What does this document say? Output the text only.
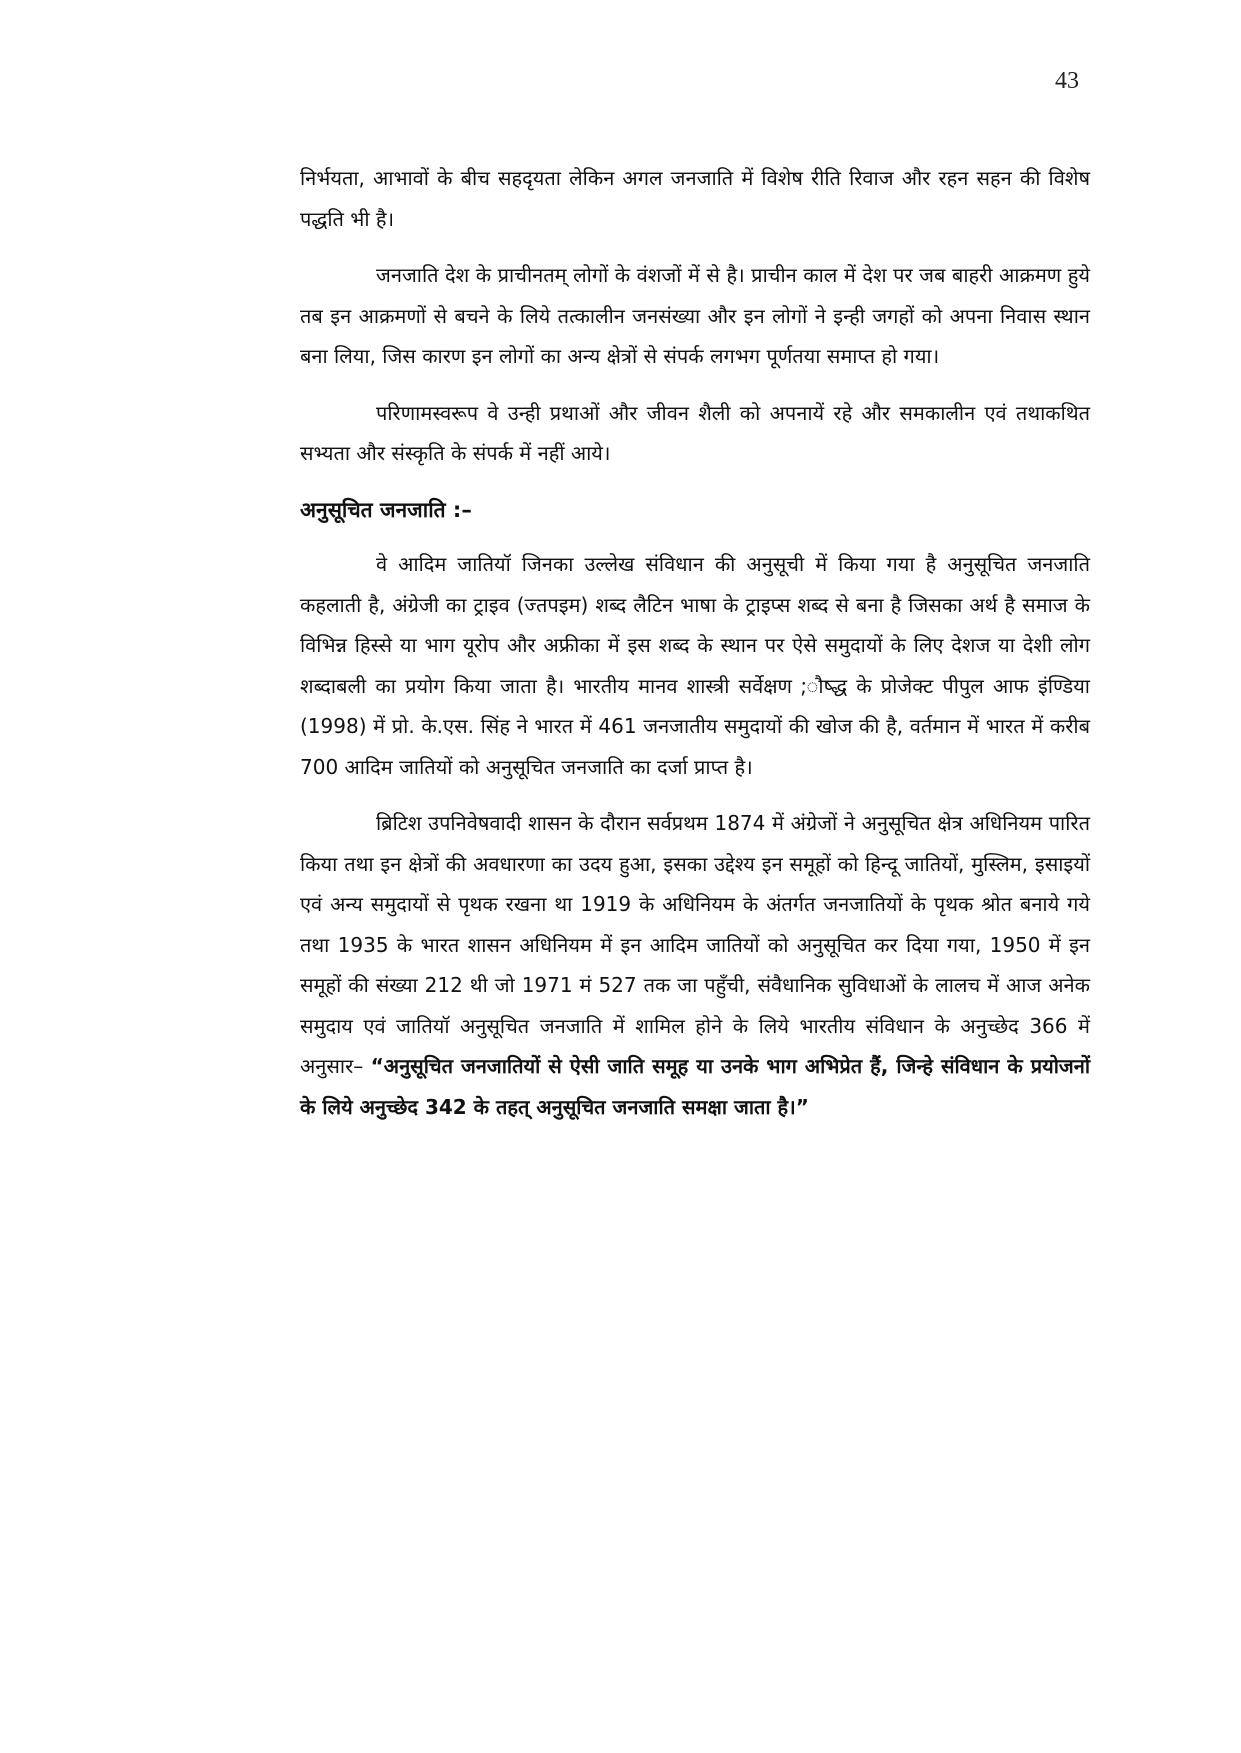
43

निर्भयता, आभावों के बीच सहदृयता लेकिन अगल जनजाति में विशेष रीति रिवाज और रहन सहन की विशेष पद्धति भी है।

जनजाति देश के प्राचीनतम् लोगों के वंशजों में से है। प्राचीन काल में देश पर जब बाहरी आक्रमण हुये तब इन आक्रमणों से बचने के लिये तत्कालीन जनसंख्या और इन लोगों ने इन्ही जगहों को अपना निवास स्थान बना लिया, जिस कारण इन लोगों का अन्य क्षेत्रों से संपर्क लगभग पूर्णतया समाप्त हो गया।

परिणामस्वरूप वे उन्ही प्रथाओं और जीवन शैली को अपनायें रहे और समकालीन एवं तथाकथित सभ्यता और संस्कृति के संपर्क में नहीं आये।

अनुसूचित जनजाति :–

वे आदिम जातियॉ जिनका उल्लेख संविधान की अनुसूची में किया गया है अनुसूचित जनजाति कहलाती है, अंग्रेजी का ट्राइव (ज्तपइम) शब्द लैटिन भाषा के ट्राइप्स शब्द से बना है जिसका अर्थ है समाज के विभिन्न हिस्से या भाग यूरोप और अफ्रीका में इस शब्द के स्थान पर ऐसे समुदायों के लिए देशज या देशी लोग शब्दाबली का प्रयोग किया जाता है। भारतीय मानव शास्त्री सर्वेक्षण ;ौष्द्ध के प्रोजेक्ट पीपुल आफ इंण्डिया (1998) में प्रो. के.एस. सिंह ने भारत में 461 जनजातीय समुदायों की खोज की है, वर्तमान में भारत में करीब 700 आदिम जातियों को अनुसूचित जनजाति का दर्जा प्राप्त है।

ब्रिटिश उपनिवेषवादी शासन के दौरान सर्वप्रथम 1874 में अंग्रेजों ने अनुसूचित क्षेत्र अधिनियम पारित किया तथा इन क्षेत्रों की अवधारणा का उदय हुआ, इसका उद्देश्य इन समूहों को हिन्दू जातियों, मुस्लिम, इसाइयों एवं अन्य समुदायों से पृथक रखना था 1919 के अधिनियम के अंतर्गत जनजातियों के पृथक श्रोत बनाये गये तथा 1935 के भारत शासन अधिनियम में इन आदिम जातियों को अनुसूचित कर दिया गया, 1950 में इन समूहों की संख्या 212 थी जो 1971 मं 527 तक जा पहुॅंची, संवैधानिक सुविधाओं के लालच में आज अनेक समुदाय एवं जातियॉ अनुसूचित जनजाति में शामिल होने के लिये भारतीय संविधान के अनुच्छेद 366 में अनुसार– “अनुसूचित जनजातियों से ऐसी जाति समूह या उनके भाग अभिप्रेत हैं, जिन्हे संविधान के प्रयोजनों के लिये अनुच्छेद 342 के तहत् अनुसूचित जनजाति समक्षा जाता है।”
